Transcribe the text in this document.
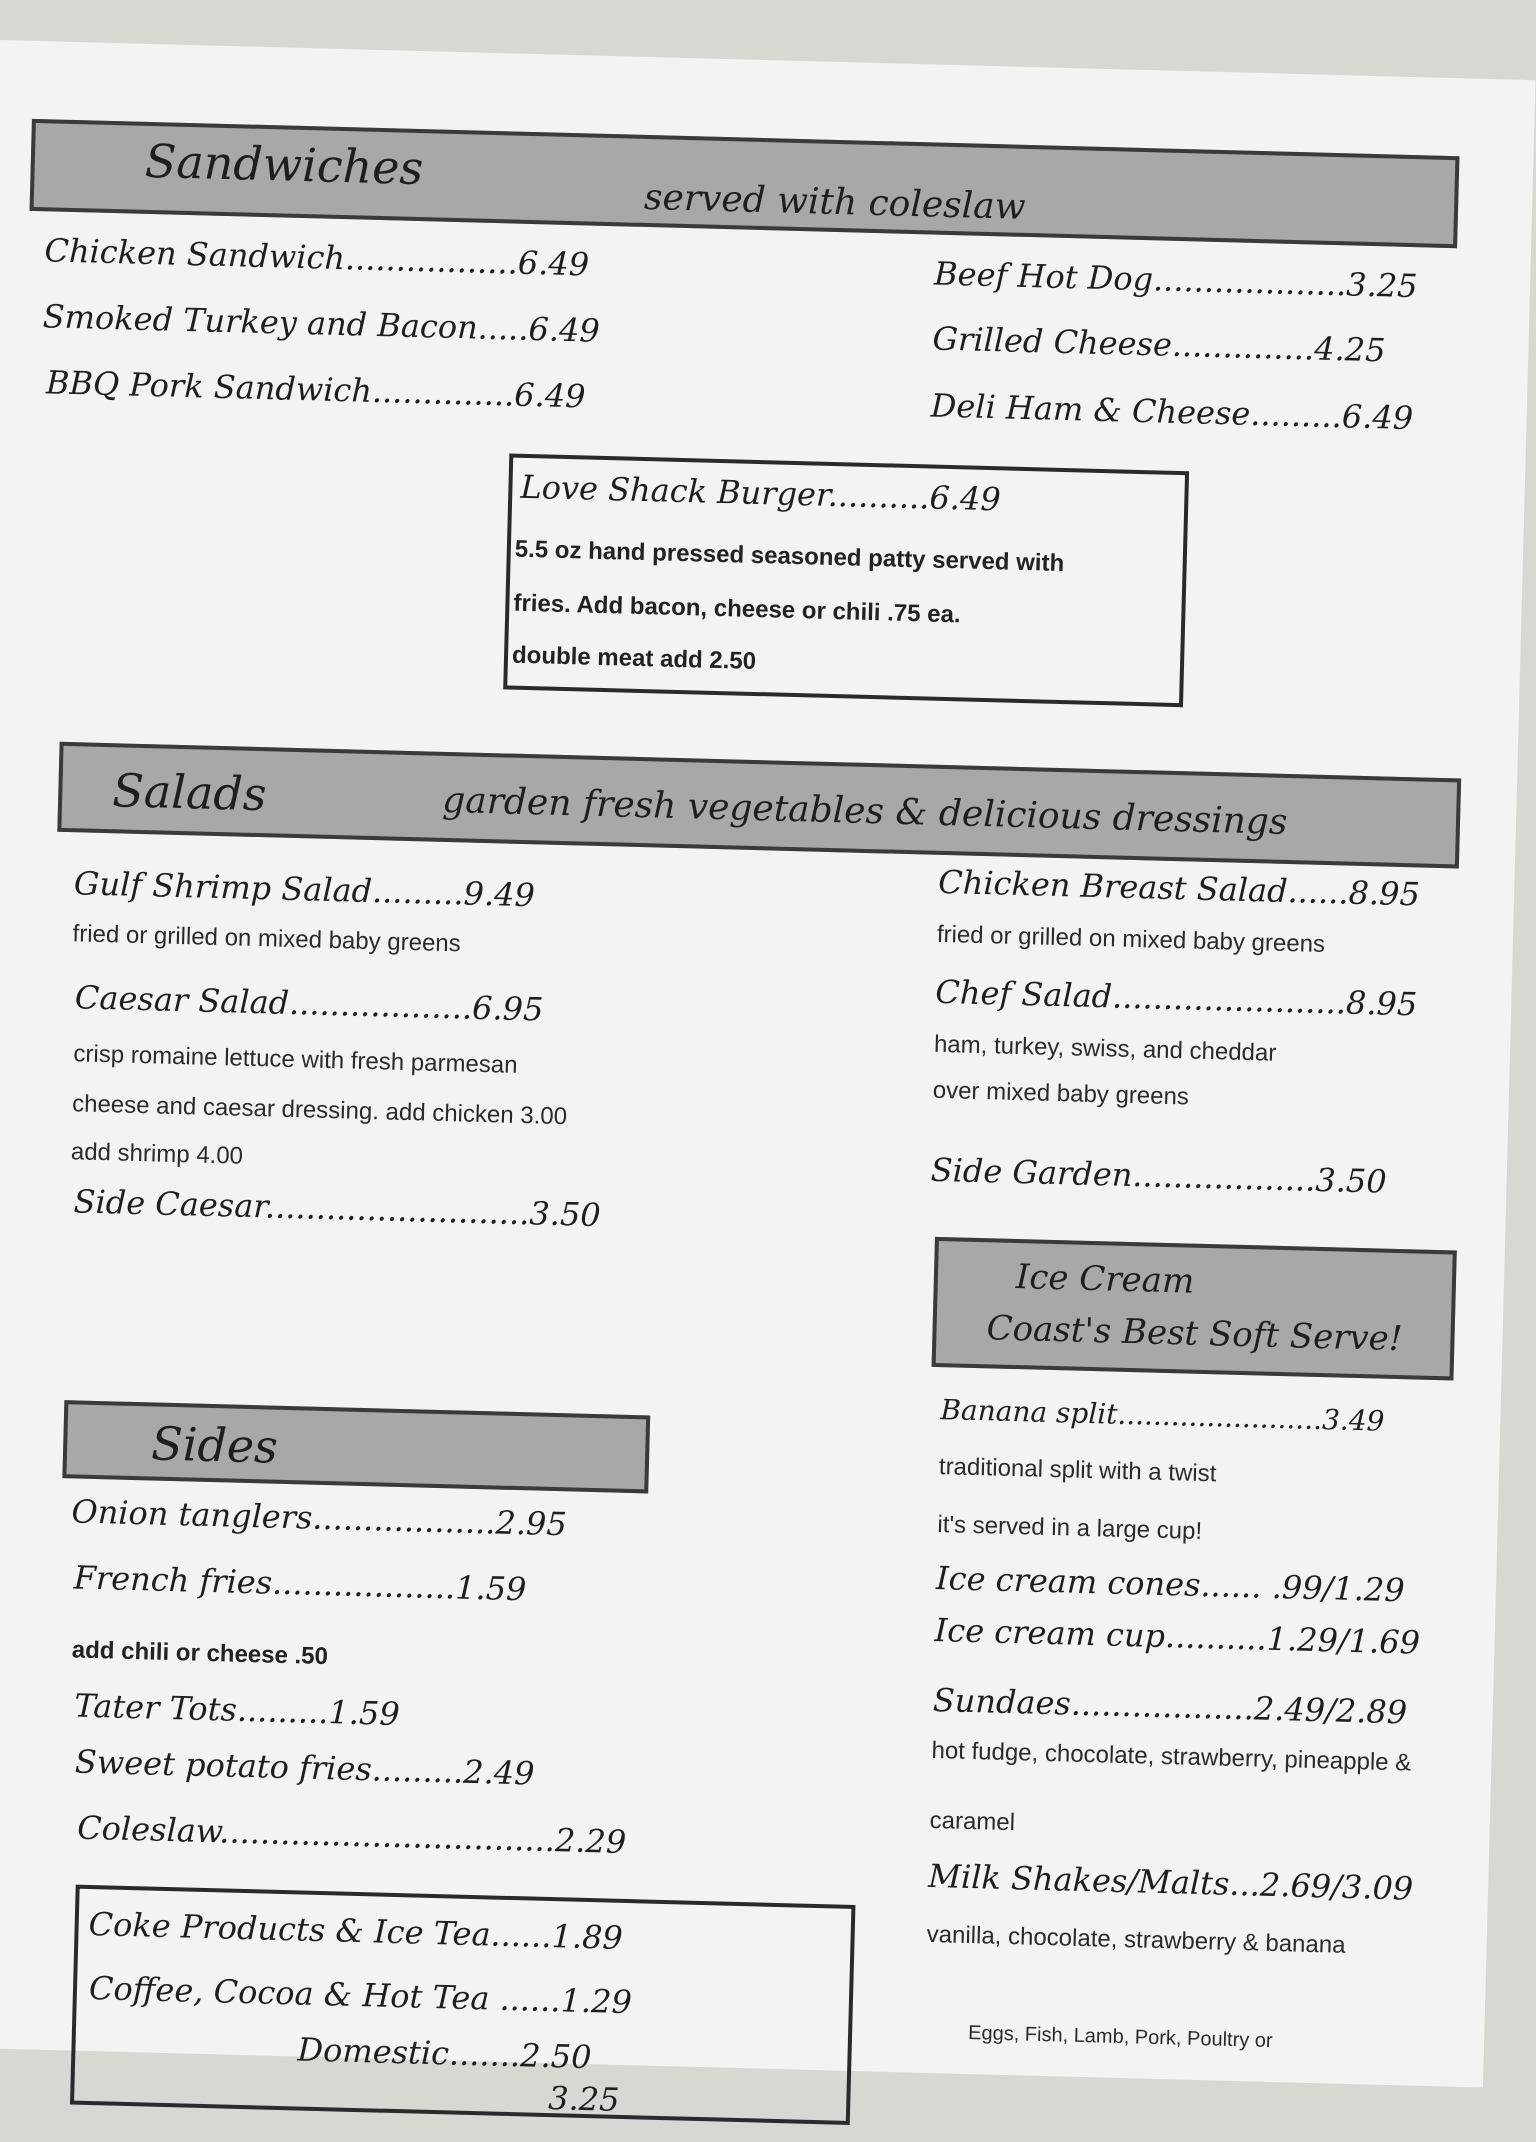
Sandwiches
served with coleslaw
Chicken Sandwich.................6.49
Smoked Turkey and Bacon.....6.49
BBQ Pork Sandwich..............6.49
Beef Hot Dog...................3.25
Grilled Cheese..............4.25
Deli Ham & Cheese.........6.49
Love Shack Burger..........6.49
5.5 oz hand pressed seasoned patty served with
fries. Add bacon, cheese or chili .75 ea.
double meat add 2.50
Salads	garden fresh vegetables & delicious dressings
Gulf Shrimp Salad.........9.49
fried or grilled on mixed baby greens
Caesar Salad..................6.95
crisp romaine lettuce with fresh parmesan
cheese and caesar dressing. add chicken 3.00
add shrimp 4.00
Side Caesar..........................3.50
Chicken Breast Salad......8.95
fried or grilled on mixed baby greens
Chef Salad.......................8.95
ham, turkey, swiss, and cheddar
over mixed baby greens
Side Garden..................3.50
Ice Cream
Coast's Best Soft Serve!
Banana split.......................3.49
traditional split with a twist
it's served in a large cup!
Ice cream cones...... .99/1.29
Ice cream cup..........1.29/1.69
Sundaes..................2.49/2.89
hot fudge, chocolate, strawberry, pineapple &
caramel
Milk Shakes/Malts...2.69/3.09
vanilla, chocolate, strawberry & banana
Eggs, Fish, Lamb, Pork, Poultry or
Sides
Onion tanglers..................2.95
French fries..................1.59
add chili or cheese .50
Tater Tots.........1.59
Sweet potato fries.........2.49
Coleslaw.................................2.29
Coke Products & Ice Tea......1.89
Coffee, Cocoa & Hot Tea ......1.29
Domestic.......2.50
3.25
